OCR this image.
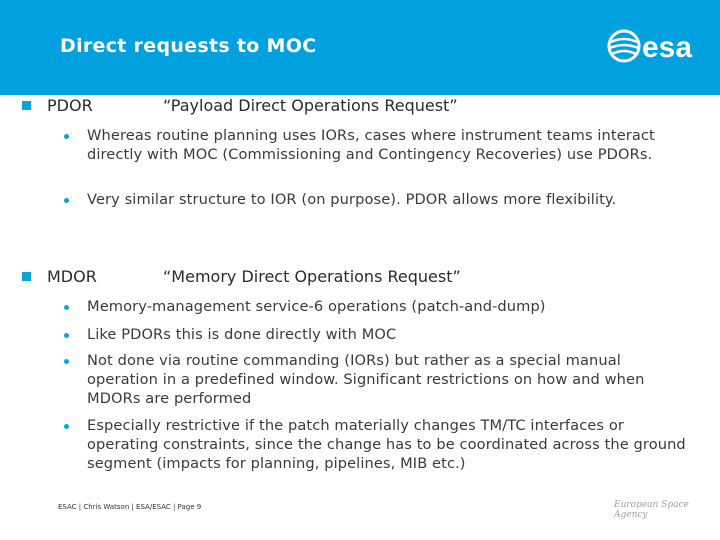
Direct requests to MOC	esa
PDOR	“Payload Direct Operations Request”
Whereas routine planning uses IORs, cases where instrument teams interact directly with MOC (Commissioning and Contingency Recoveries) use PDORs.
Very similar structure to IOR (on purpose). PDOR allows more flexibility.
MDOR	“Memory Direct Operations Request”
Memory-management service-6 operations (patch-and-dump)
Like PDORs this is done directly with MOC
Not done via routine commanding (IORs) but rather as a special manual operation in a predefined window. Significant restrictions on how and when MDORs are performed
Especially restrictive if the patch materially changes TM/TC interfaces or operating constraints, since the change has to be coordinated across the ground segment (impacts for planning, pipelines, MIB etc.)
ESAC | Chris Watson | ESA/ESAC | Page 9	European Space Agency
